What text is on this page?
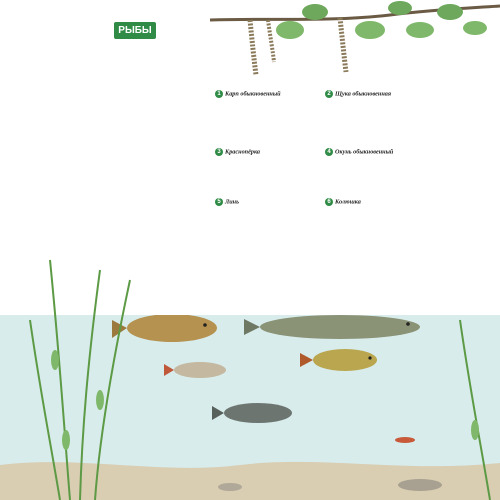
РЫБЫ

1 Карп обыкновенный	2 Щука обыкновенная
3 Краснопёрка	4 Окунь обыкновенный
5 Линь	6 Колюшка
